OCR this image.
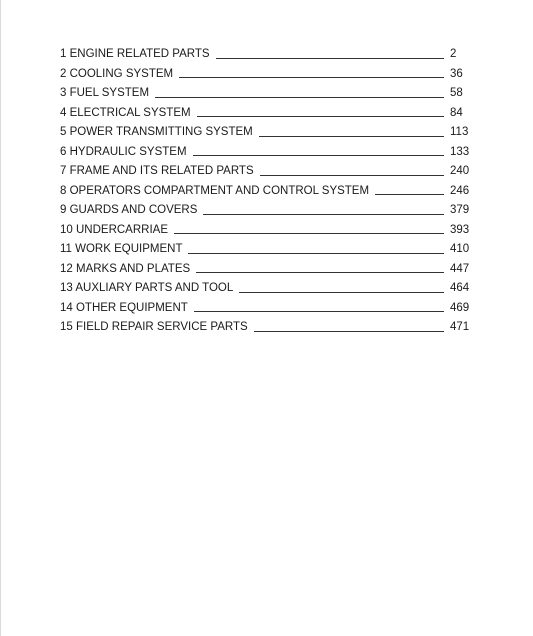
1 ENGINE RELATED PARTS	2
2 COOLING SYSTEM	36
3 FUEL SYSTEM	58
4 ELECTRICAL SYSTEM	84
5 POWER TRANSMITTING SYSTEM	113
6 HYDRAULIC SYSTEM	133
7 FRAME AND ITS RELATED PARTS	240
8 OPERATORS COMPARTMENT AND CONTROL SYSTEM	246
9 GUARDS AND COVERS	379
10 UNDERCARRIAE	393
11 WORK EQUIPMENT	410
12 MARKS AND PLATES	447
13 AUXLIARY PARTS AND TOOL	464
14 OTHER EQUIPMENT	469
15 FIELD REPAIR SERVICE PARTS	471
